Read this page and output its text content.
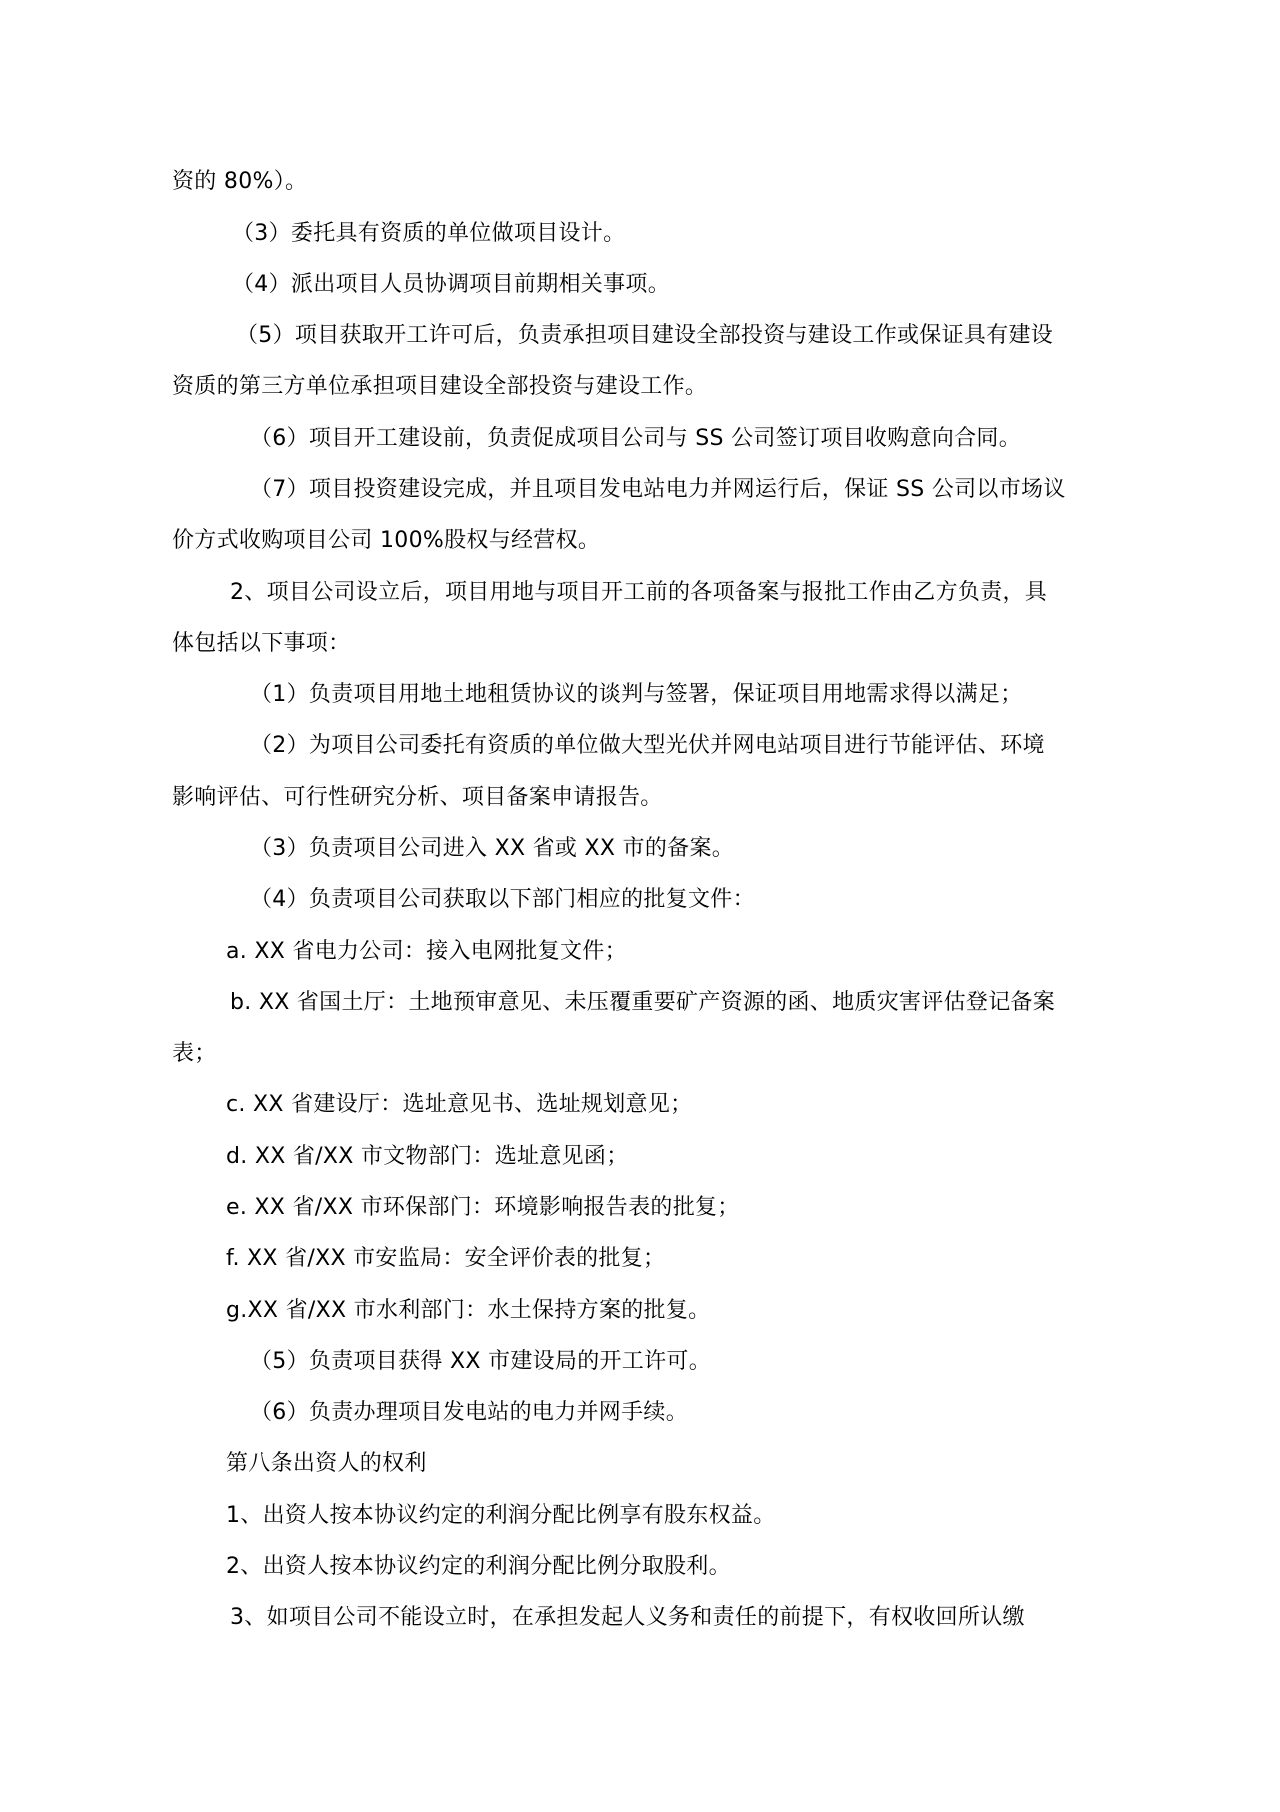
资的 80%）。
（3）委托具有资质的单位做项目设计。
（4）派出项目人员协调项目前期相关事项。
（5）项目获取开工许可后，负责承担项目建设全部投资与建设工作或保证具有建设
资质的第三方单位承担项目建设全部投资与建设工作。
（6）项目开工建设前，负责促成项目公司与 SS 公司签订项目收购意向合同。
（7）项目投资建设完成，并且项目发电站电力并网运行后，保证 SS 公司以市场议
价方式收购项目公司 100%股权与经营权。
2、项目公司设立后，项目用地与项目开工前的各项备案与报批工作由乙方负责，具
体包括以下事项：
（1）负责项目用地土地租赁协议的谈判与签署，保证项目用地需求得以满足；
（2）为项目公司委托有资质的单位做大型光伏并网电站项目进行节能评估、环境
影响评估、可行性研究分析、项目备案申请报告。
（3）负责项目公司进入 XX 省或 XX 市的备案。
（4）负责项目公司获取以下部门相应的批复文件：
a. XX 省电力公司：接入电网批复文件；
b. XX 省国土厅：土地预审意见、未压覆重要矿产资源的函、地质灾害评估登记备案
表；
c. XX 省建设厅：选址意见书、选址规划意见；
d. XX 省/XX 市文物部门：选址意见函；
e. XX 省/XX 市环保部门：环境影响报告表的批复；
f. XX 省/XX 市安监局：安全评价表的批复；
g.XX 省/XX 市水利部门：水土保持方案的批复。
（5）负责项目获得 XX 市建设局的开工许可。
（6）负责办理项目发电站的电力并网手续。
第八条出资人的权利
1、出资人按本协议约定的利润分配比例享有股东权益。
2、出资人按本协议约定的利润分配比例分取股利。
3、如项目公司不能设立时，在承担发起人义务和责任的前提下，有权收回所认缴
